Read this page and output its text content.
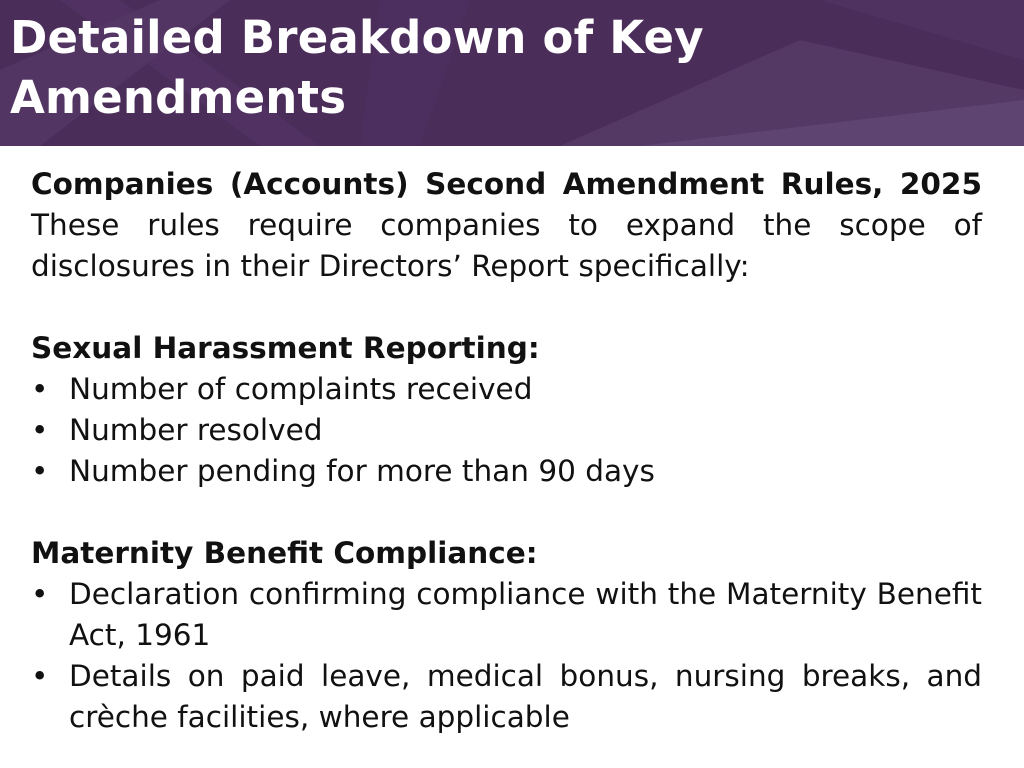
Detailed Breakdown of Key Amendments

Companies (Accounts) Second Amendment Rules, 2025 These rules require companies to expand the scope of disclosures in their Directors’ Report specifically:

Sexual Harassment Reporting:
• Number of complaints received
• Number resolved
• Number pending for more than 90 days
Maternity Benefit Compliance:
• Declaration confirming compliance with the Maternity Benefit Act, 1961
• Details on paid leave, medical bonus, nursing breaks, and crèche facilities, where applicable
